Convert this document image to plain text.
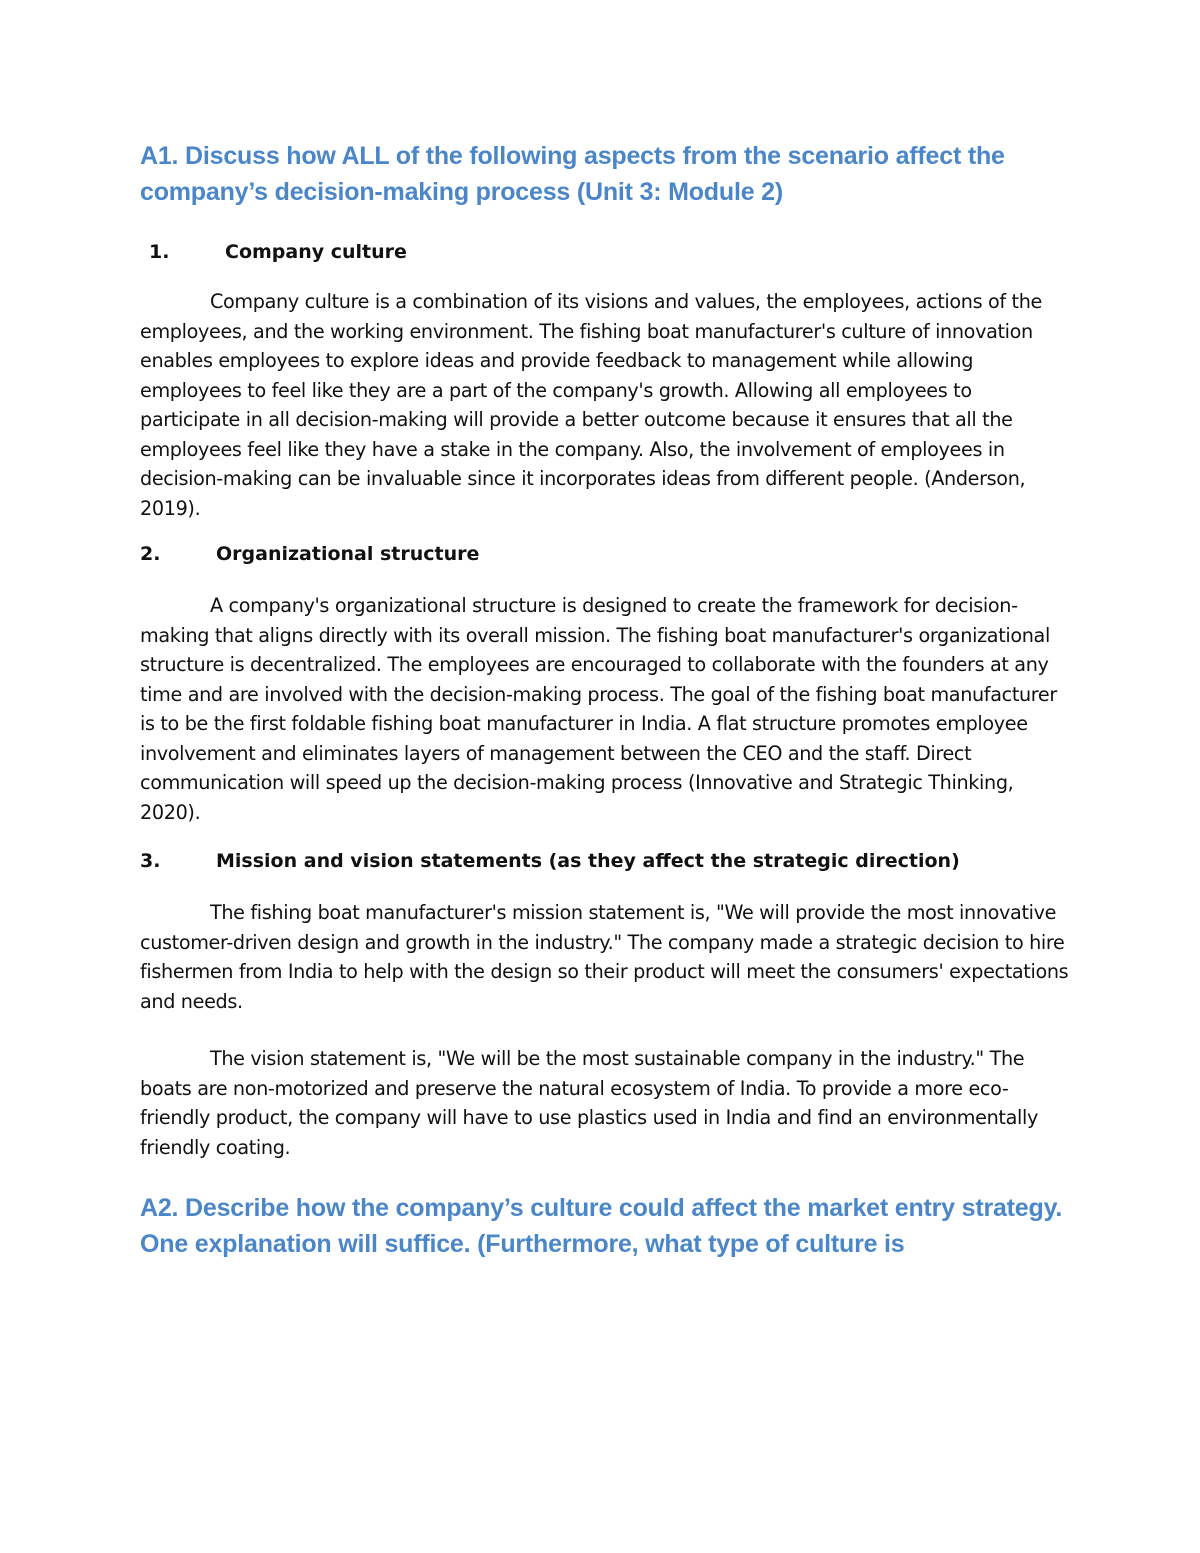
A1. Discuss how ALL of the following aspects from the scenario affect the company’s decision-making process (Unit 3: Module 2)
1.	Company culture

Company culture is a combination of its visions and values, the employees, actions of the employees, and the working environment. The fishing boat manufacturer's culture of innovation enables employees to explore ideas and provide feedback to management while allowing employees to feel like they are a part of the company's growth. Allowing all employees to participate in all decision-making will provide a better outcome because it ensures that all the employees feel like they have a stake in the company. Also, the involvement of employees in decision-making can be invaluable since it incorporates ideas from different people. (Anderson, 2019).

2.	Organizational structure

A company's organizational structure is designed to create the framework for decision-making that aligns directly with its overall mission. The fishing boat manufacturer's organizational structure is decentralized. The employees are encouraged to collaborate with the founders at any time and are involved with the decision-making process. The goal of the fishing boat manufacturer is to be the first foldable fishing boat manufacturer in India. A flat structure promotes employee involvement and eliminates layers of management between the CEO and the staff. Direct communication will speed up the decision-making process (Innovative and Strategic Thinking, 2020).

3.	Mission and vision statements (as they affect the strategic direction)

The fishing boat manufacturer's mission statement is, "We will provide the most innovative customer-driven design and growth in the industry." The company made a strategic decision to hire fishermen from India to help with the design so their product will meet the consumers' expectations and needs.

The vision statement is, "We will be the most sustainable company in the industry." The boats are non-motorized and preserve the natural ecosystem of India. To provide a more eco-friendly product, the company will have to use plastics used in India and find an environmentally friendly coating.

A2. Describe how the company’s culture could affect the market entry strategy. One explanation will suffice. (Furthermore, what type of culture is
